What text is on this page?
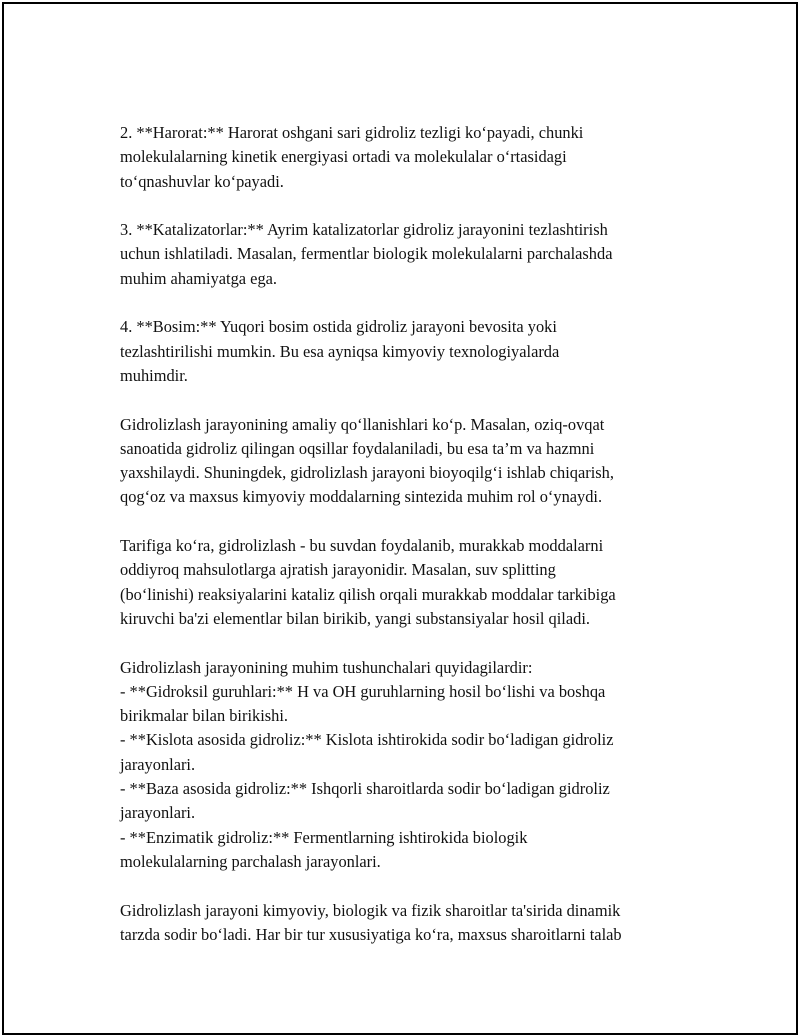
2. **Harorat:** Harorat oshgani sari gidroliz tezligi ko‘payadi, chunki
molekulalarning kinetik energiyasi ortadi va molekulalar o‘rtasidagi
to‘qnashuvlar ko‘payadi.

3. **Katalizatorlar:** Ayrim katalizatorlar gidroliz jarayonini tezlashtirish
uchun ishlatiladi. Masalan, fermentlar biologik molekulalarni parchalashda
muhim ahamiyatga ega.

4. **Bosim:** Yuqori bosim ostida gidroliz jarayoni bevosita yoki
tezlashtirilishi mumkin. Bu esa ayniqsa kimyoviy texnologiyalarda
muhimdir.

Gidrolizlash jarayonining amaliy qo‘llanishlari ko‘p. Masalan, oziq-ovqat
sanoatida gidroliz qilingan oqsillar foydalaniladi, bu esa ta’m va hazmni
yaxshilaydi. Shuningdek, gidrolizlash jarayoni bioyoqilg‘i ishlab chiqarish,
qog‘oz va maxsus kimyoviy moddalarning sintezida muhim rol o‘ynaydi.

Tarifiga ko‘ra, gidrolizlash - bu suvdan foydalanib, murakkab moddalarni
oddiyroq mahsulotlarga ajratish jarayonidir. Masalan, suv splitting
(bo‘linishi) reaksiyalarini kataliz qilish orqali murakkab moddalar tarkibiga
kiruvchi ba'zi elementlar bilan birikib, yangi substansiyalar hosil qiladi.

Gidrolizlash jarayonining muhim tushunchalari quyidagilardir:

- **Gidroksil guruhlari:** H va OH guruhlarning hosil bo‘lishi va boshqa
birikmalar bilan birikishi.

- **Kislota asosida gidroliz:** Kislota ishtirokida sodir bo‘ladigan gidroliz
jarayonlari.

- **Baza asosida gidroliz:** Ishqorli sharoitlarda sodir bo‘ladigan gidroliz
jarayonlari.

- **Enzimatik gidroliz:** Fermentlarning ishtirokida biologik
molekulalarning parchalash jarayonlari.

Gidrolizlash jarayoni kimyoviy, biologik va fizik sharoitlar ta'sirida dinamik
tarzda sodir bo‘ladi. Har bir tur xususiyatiga ko‘ra, maxsus sharoitlarni talab
